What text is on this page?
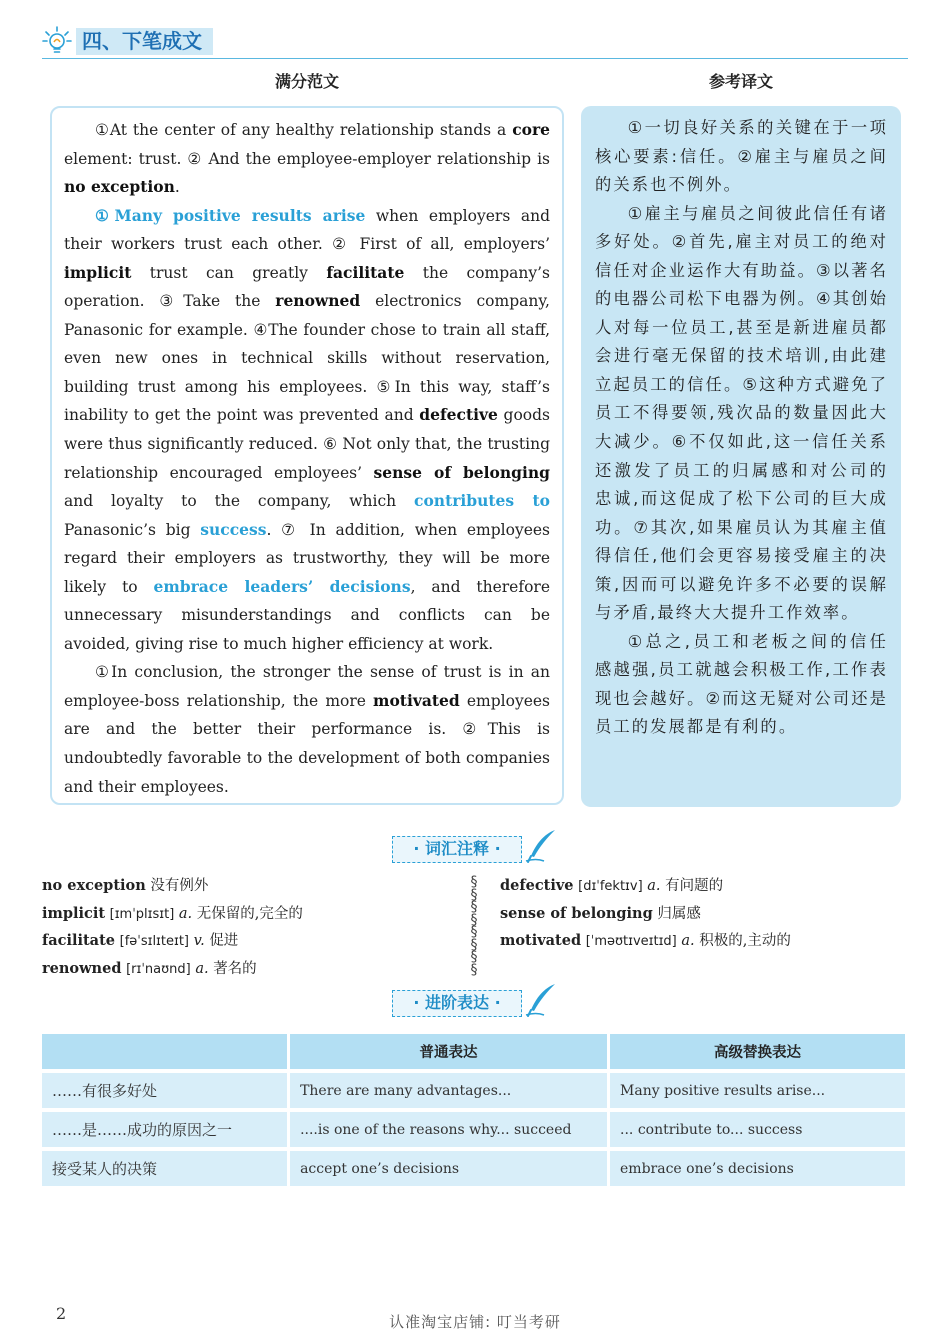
四、下笔成文
满分范文	参考译文

①At the center of any healthy relationship stands a core element: trust. ② And the employee-employer relationship is no exception.

①Many positive results arise when employers and their workers trust each other. ② First of all, employers’ implicit trust can greatly facilitate the company’s operation. ③Take the renowned electronics company, Panasonic for example. ④The founder chose to train all staff, even new ones in technical skills without reservation, building trust among his employees. ⑤In this way, staff’s inability to get the point was prevented and defective goods were thus significantly reduced. ⑥ Not only that, the trusting relationship encouraged employees’ sense of belonging and loyalty to the company, which contributes to Panasonic’s big success. ⑦ In addition, when employees regard their employers as trustworthy, they will be more likely to embrace leaders’ decisions, and therefore unnecessary misunderstandings and conflicts can be avoided, giving rise to much higher efficiency at work.

①In conclusion, the stronger the sense of trust is in an employee-boss relationship, the more motivated employees are and the better their performance is. ②This is undoubtedly favorable to the development of both companies and their employees.

①一切良好关系的关键在于一项核心要素:信任。②雇主与雇员之间的关系也不例外。

①雇主与雇员之间彼此信任有诸多好处。②首先,雇主对员工的绝对信任对企业运作大有助益。③以著名的电器公司松下电器为例。④其创始人对每一位员工,甚至是新进雇员都会进行毫无保留的技术培训,由此建立起员工的信任。⑤这种方式避免了员工不得要领,残次品的数量因此大大减少。⑥不仅如此,这一信任关系还激发了员工的归属感和对公司的忠诚,而这促成了松下公司的巨大成功。⑦其次,如果雇员认为其雇主值得信任,他们会更容易接受雇主的决策,因而可以避免许多不必要的误解与矛盾,最终大大提升工作效率。

①总之,员工和老板之间的信任感越强,员工就越会积极工作,工作表现也会越好。②而这无疑对公司还是员工的发展都是有利的。

· 词汇注释 ·
no exception 没有例外
implicit [ɪmˈplɪsɪt] a. 无保留的,完全的
facilitate [fəˈsɪlɪteɪt] v. 促进
renowned [rɪˈnaʊnd] a. 著名的
§
§
§
§
§
§
§
§
defective [dɪˈfektɪv] a. 有问题的
sense of belonging 归属感
motivated [ˈməʊtɪveɪtɪd] a. 积极的,主动的
· 进阶表达 ·
	普通表达	高级替换表达
……有很多好处	There are many advantages...	Many positive results arise...
……是……成功的原因之一	....is one of the reasons why... succeed	... contribute to... success
接受某人的决策	accept one’s decisions	embrace one’s decisions
2	认准淘宝店铺: 叮当考研
